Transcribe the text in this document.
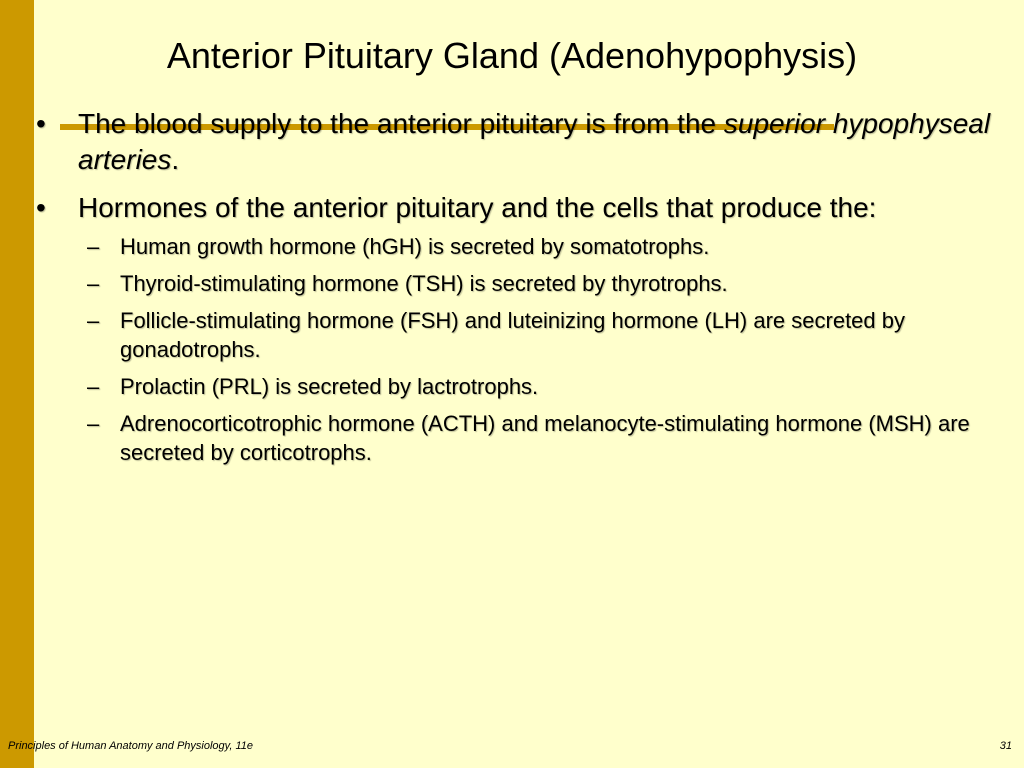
Anterior Pituitary Gland (Adenohypophysis)
• The blood supply to the anterior pituitary is from the superior hypophyseal arteries.
• Hormones of the anterior pituitary and the cells that produce the:
– Human growth hormone (hGH) is secreted by somatotrophs.
– Thyroid-stimulating hormone (TSH) is secreted by thyrotrophs.
– Follicle-stimulating hormone (FSH) and luteinizing hormone (LH) are secreted by gonadotrophs.
– Prolactin (PRL) is secreted by lactrotrophs.
– Adrenocorticotrophic hormone (ACTH) and melanocyte-stimulating hormone (MSH) are secreted by corticotrophs.
Principles of Human Anatomy and Physiology, 11e	31
